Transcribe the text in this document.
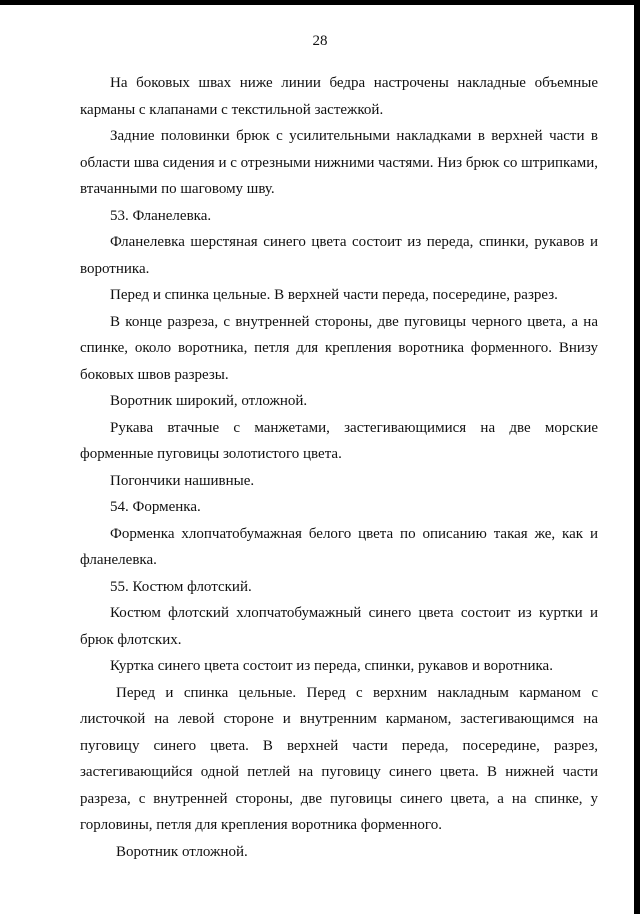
28

На боковых швах ниже линии бедра настрочены накладные объемные карманы с клапанами с текстильной застежкой.

Задние половинки брюк с усилительными накладками в верхней части в области шва сидения и с отрезными нижними частями. Низ брюк со штрипками, втачанными по шаговому шву.

53. Фланелевка.

Фланелевка шерстяная синего цвета состоит из переда, спинки, рукавов и воротника.

Перед и спинка цельные. В верхней части переда, посередине, разрез.

В конце разреза, с внутренней стороны, две пуговицы черного цвета, а на спинке, около воротника, петля для крепления воротника форменного. Внизу боковых швов разрезы.

Воротник широкий, отложной.

Рукава втачные с манжетами, застегивающимися на две морские форменные пуговицы золотистого цвета.

Погончики нашивные.

54. Форменка.

Форменка хлопчатобумажная белого цвета по описанию такая же, как и фланелевка.

55. Костюм флотский.

Костюм флотский хлопчатобумажный синего цвета состоит из куртки и брюк флотских.

Куртка синего цвета состоит из переда, спинки, рукавов и воротника.

Перед и спинка цельные. Перед с верхним накладным карманом с листочкой на левой стороне и внутренним карманом, застегивающимся на пуговицу синего цвета. В верхней части переда, посередине, разрез, застегивающийся одной петлей на пуговицу синего цвета. В нижней части разреза, с внутренней стороны, две пуговицы синего цвета, а на спинке, у горловины, петля для крепления воротника форменного.

Воротник отложной.
